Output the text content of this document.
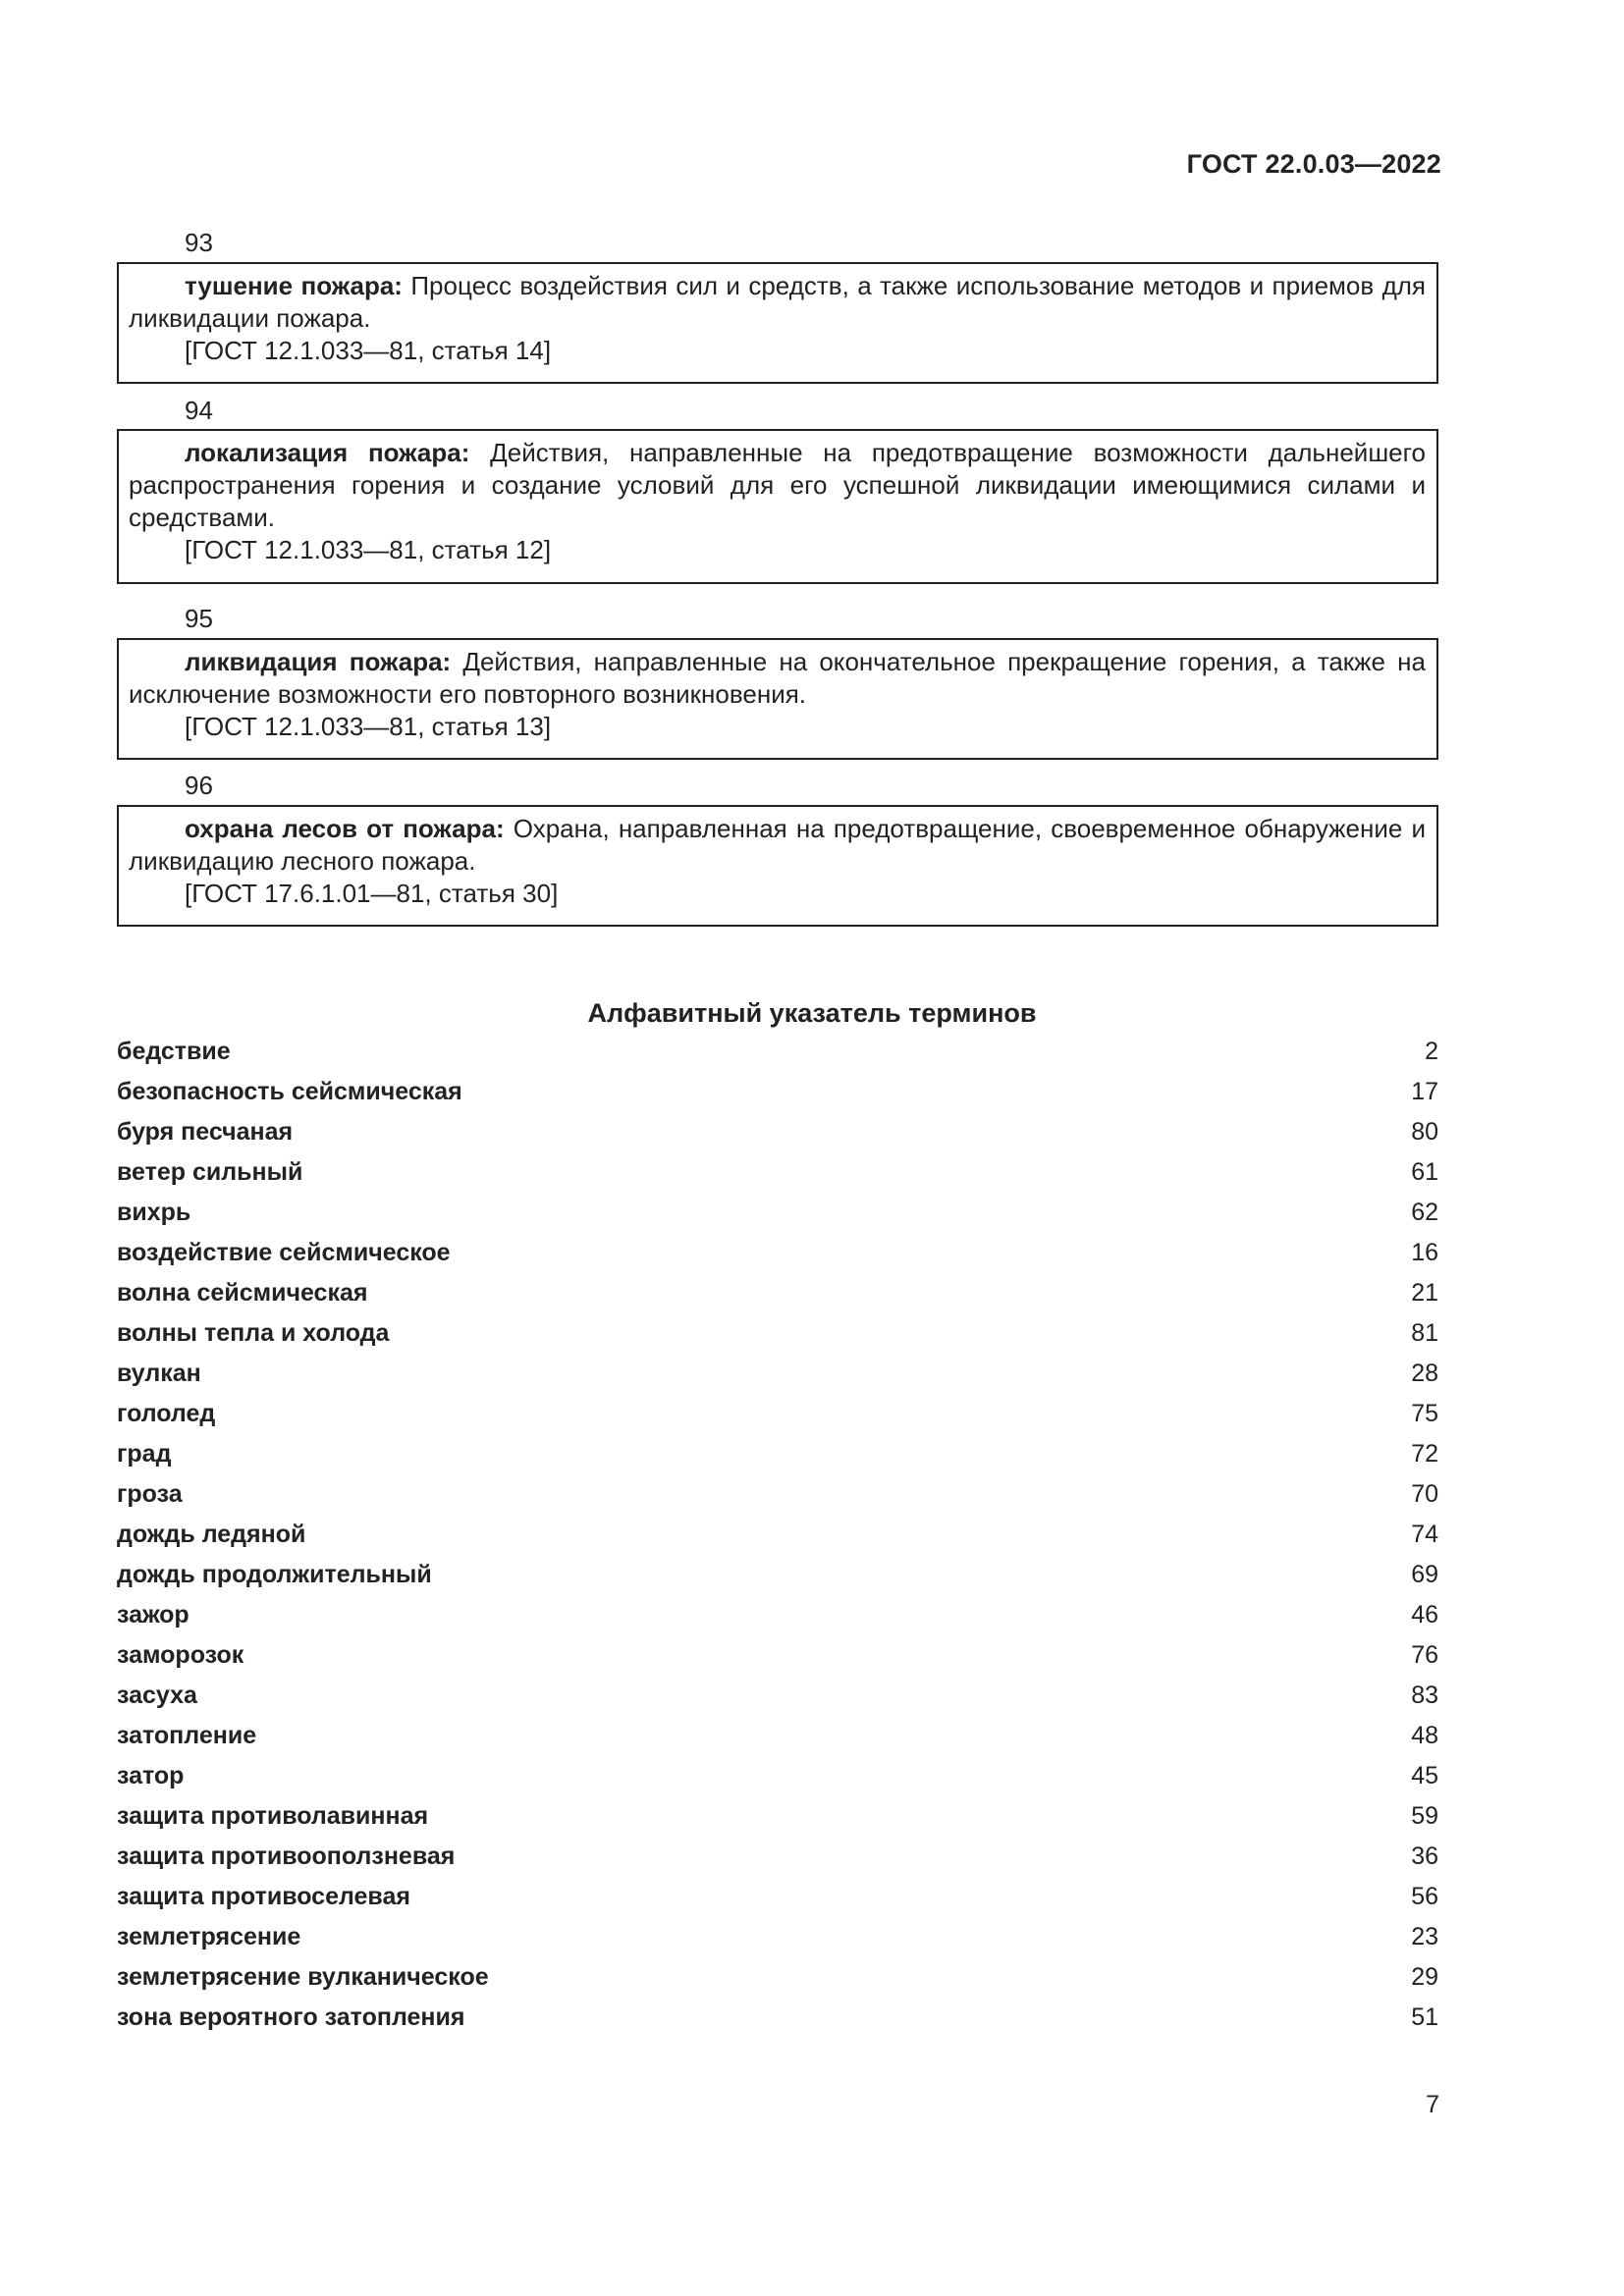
ГОСТ 22.0.03—2022
93

тушение пожара: Процесс воздействия сил и средств, а также использование методов и приемов для ликвидации пожара.

[ГОСТ 12.1.033—81, статья 14]

94

локализация пожара: Действия, направленные на предотвращение возможности дальнейшего распространения горения и создание условий для его успешной ликвидации имеющимися силами и средствами.

[ГОСТ 12.1.033—81, статья 12]

95

ликвидация пожара: Действия, направленные на окончательное прекращение горения, а также на исключение возможности его повторного возникновения.

[ГОСТ 12.1.033—81, статья 13]

96

охрана лесов от пожара: Охрана, направленная на предотвращение, своевременное обнаружение и ликвидацию лесного пожара.

[ГОСТ 17.6.1.01—81, статья 30]

Алфавитный указатель терминов
бедствие	2
безопасность сейсмическая	17
буря песчаная	80
ветер сильный	61
вихрь	62
воздействие сейсмическое	16
волна сейсмическая	21
волны тепла и холода	81
вулкан	28
гололед	75
град	72
гроза	70
дождь ледяной	74
дождь продолжительный	69
зажор	46
заморозок	76
засуха	83
затопление	48
затор	45
защита противолавинная	59
защита противооползневая	36
защита противоселевая	56
землетрясение	23
землетрясение вулканическое	29
зона вероятного затопления	51
7
